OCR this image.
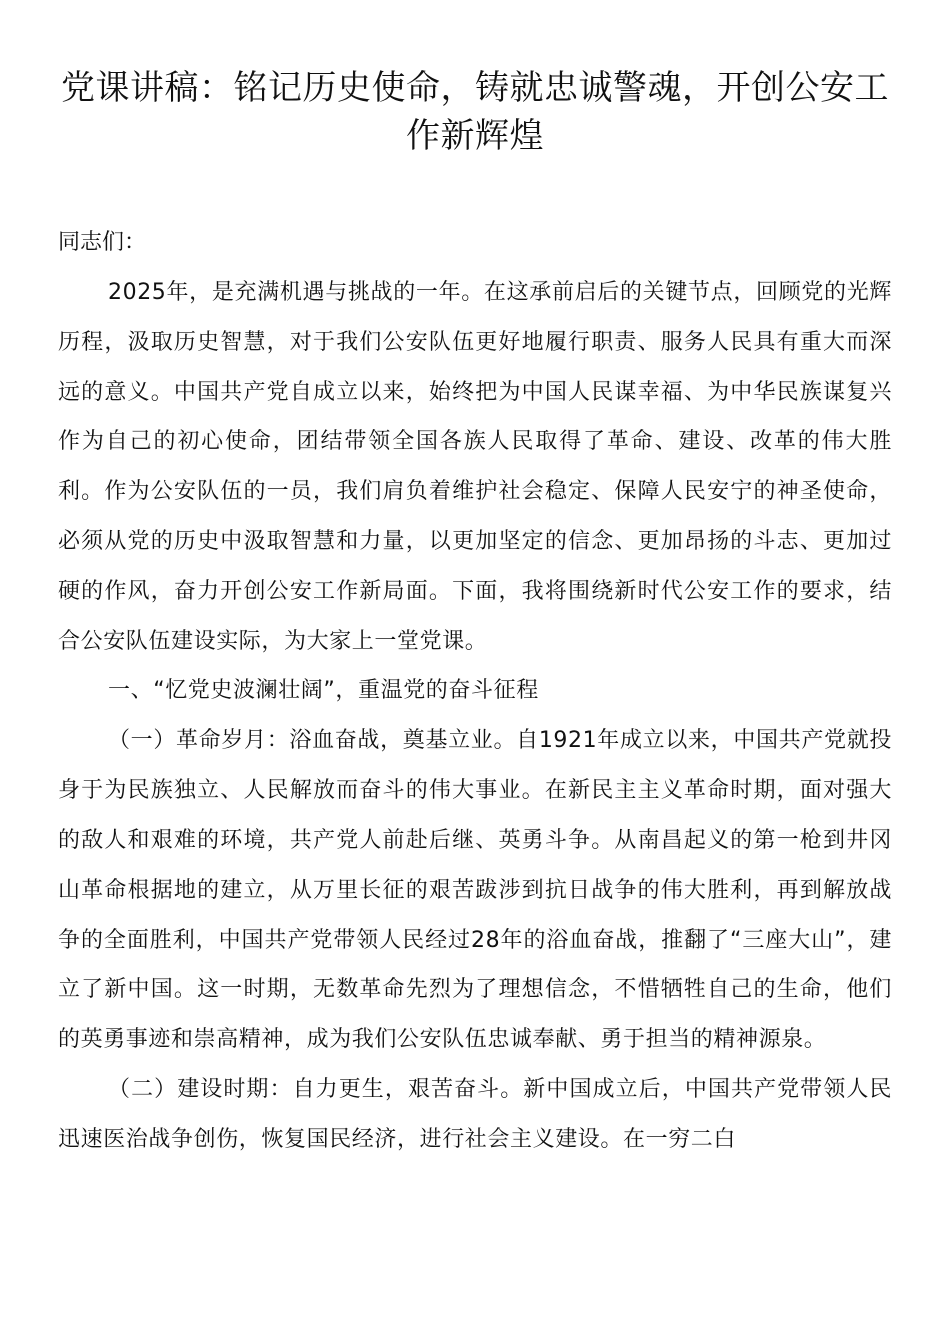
党课讲稿：铭记历史使命，铸就忠诚警魂，开创公安工作新辉煌

同志们：

2025年，是充满机遇与挑战的一年。在这承前启后的关键节点，回顾党的光辉历程，汲取历史智慧，对于我们公安队伍更好地履行职责、服务人民具有重大而深远的意义。中国共产党自成立以来，始终把为中国人民谋幸福、为中华民族谋复兴作为自己的初心使命，团结带领全国各族人民取得了革命、建设、改革的伟大胜利。作为公安队伍的一员，我们肩负着维护社会稳定、保障人民安宁的神圣使命，必须从党的历史中汲取智慧和力量，以更加坚定的信念、更加昂扬的斗志、更加过硬的作风，奋力开创公安工作新局面。下面，我将围绕新时代公安工作的要求，结合公安队伍建设实际，为大家上一堂党课。

一、“忆党史波澜壮阔”，重温党的奋斗征程

（一）革命岁月：浴血奋战，奠基立业。自1921年成立以来，中国共产党就投身于为民族独立、人民解放而奋斗的伟大事业。在新民主主义革命时期，面对强大的敌人和艰难的环境，共产党人前赴后继、英勇斗争。从南昌起义的第一枪到井冈山革命根据地的建立，从万里长征的艰苦跋涉到抗日战争的伟大胜利，再到解放战争的全面胜利，中国共产党带领人民经过28年的浴血奋战，推翻了“三座大山”，建立了新中国。这一时期，无数革命先烈为了理想信念，不惜牺牲自己的生命，他们的英勇事迹和崇高精神，成为我们公安队伍忠诚奉献、勇于担当的精神源泉。

（二）建设时期：自力更生，艰苦奋斗。新中国成立后，中国共产党带领人民迅速医治战争创伤，恢复国民经济，进行社会主义建设。在一穷二白
